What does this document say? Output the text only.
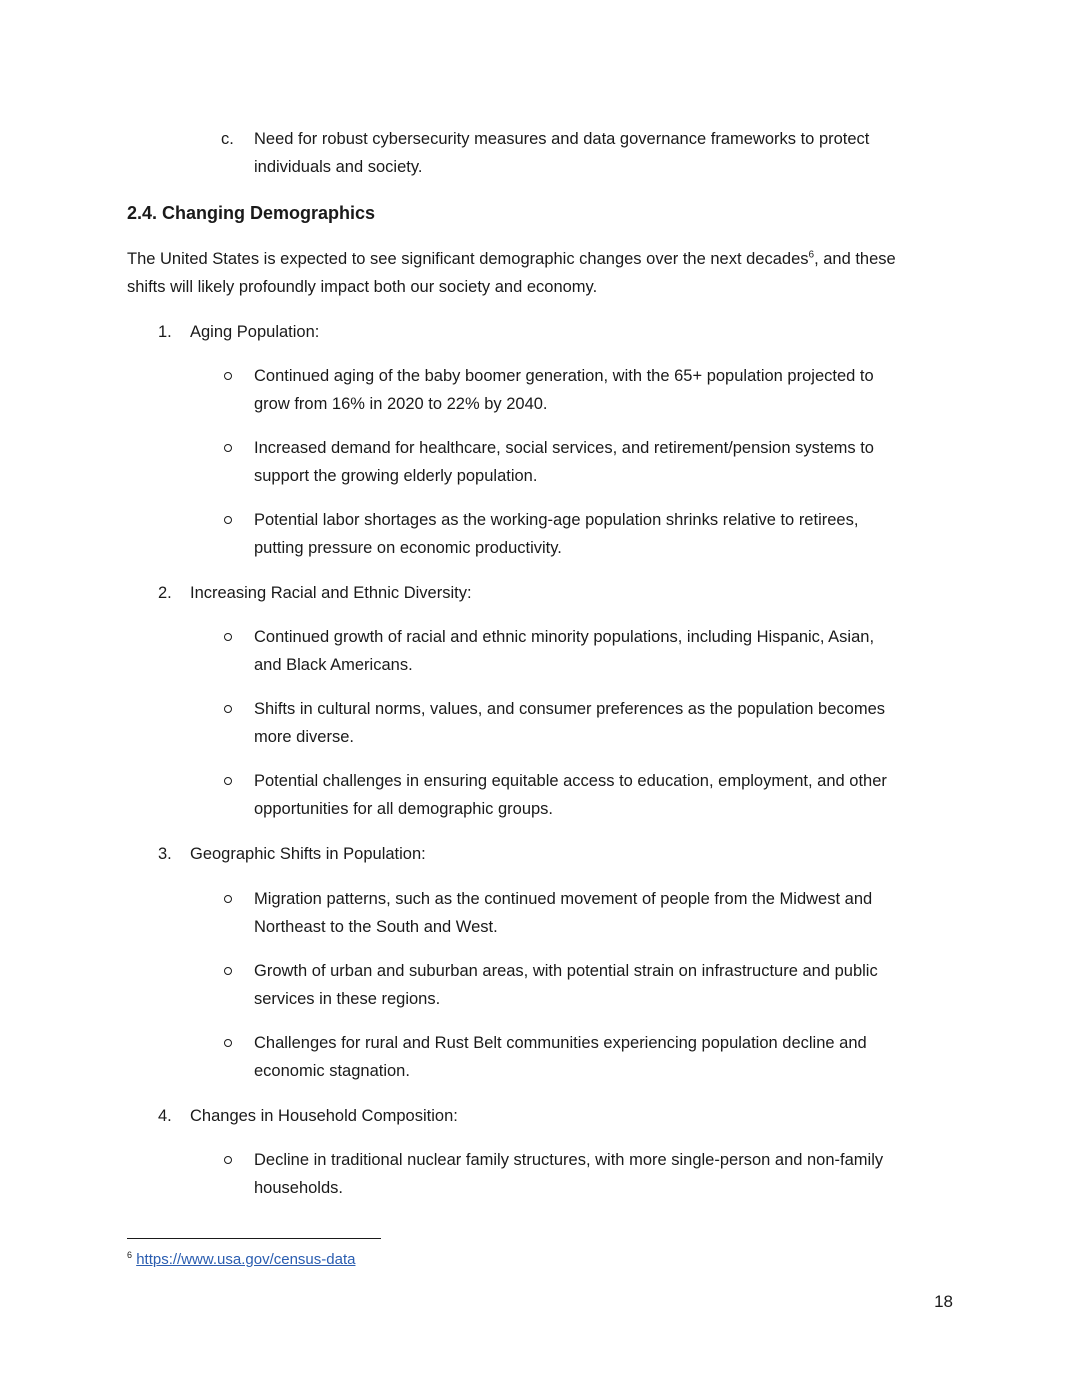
c. Need for robust cybersecurity measures and data governance frameworks to protect
individuals and society.
2.4. Changing Demographics
The United States is expected to see significant demographic changes over the next decades$^6$, and these
shifts will likely profoundly impact both our society and economy.
1. Aging Population:
Continued aging of the baby boomer generation, with the 65+ population projected to
grow from 16% in 2020 to 22% by 2040.
Increased demand for healthcare, social services, and retirement/pension systems to
support the growing elderly population.
Potential labor shortages as the working-age population shrinks relative to retirees,
putting pressure on economic productivity.
2. Increasing Racial and Ethnic Diversity:
Continued growth of racial and ethnic minority populations, including Hispanic, Asian,
and Black Americans.
Shifts in cultural norms, values, and consumer preferences as the population becomes
more diverse.
Potential challenges in ensuring equitable access to education, employment, and other
opportunities for all demographic groups.
3. Geographic Shifts in Population:
Migration patterns, such as the continued movement of people from the Midwest and
Northeast to the South and West.
Growth of urban and suburban areas, with potential strain on infrastructure and public
services in these regions.
Challenges for rural and Rust Belt communities experiencing population decline and
economic stagnation.
4. Changes in Household Composition:
Decline in traditional nuclear family structures, with more single-person and non-family
households.
$^6$ https://www.usa.gov/census-data
18
